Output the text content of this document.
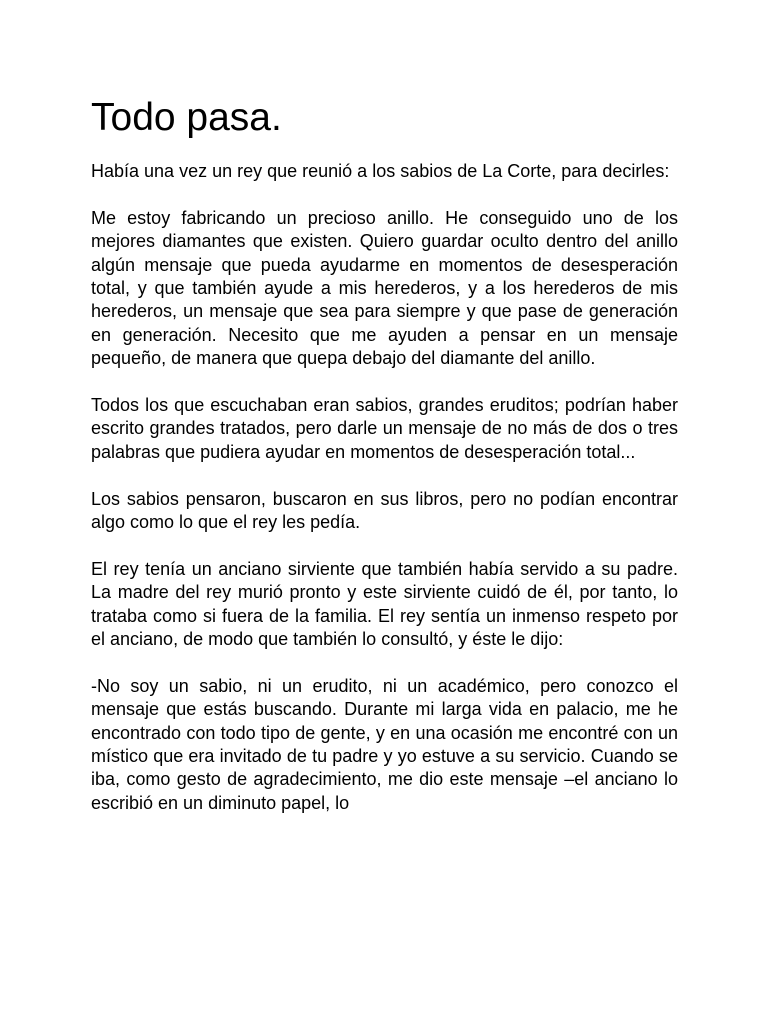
Todo pasa.

Había una vez un rey que reunió a los sabios de La Corte, para decirles:

Me estoy fabricando un precioso anillo. He conseguido uno de los mejores diamantes que existen. Quiero guardar oculto dentro del anillo algún mensaje que pueda ayudarme en momentos de desesperación total, y que también ayude a mis herederos, y a los herederos de mis herederos, un mensaje que sea para siempre y que pase de generación en generación. Necesito que me ayuden a pensar en un mensaje pequeño, de manera que quepa debajo del diamante del anillo.

Todos los que escuchaban eran sabios, grandes eruditos; podrían haber escrito grandes tratados, pero darle un mensaje de no más de dos o tres palabras que pudiera ayudar en momentos de desesperación total...

Los sabios pensaron, buscaron en sus libros, pero no podían encontrar algo como lo que el rey les pedía.

El rey tenía un anciano sirviente que también había servido a su padre. La madre del rey murió pronto y este sirviente cuidó de él, por tanto, lo trataba como si fuera de la familia. El rey sentía un inmenso respeto por el anciano, de modo que también lo consultó, y éste le dijo:

-No soy un sabio, ni un erudito, ni un académico, pero conozco el mensaje que estás buscando. Durante mi larga vida en palacio, me he encontrado con todo tipo de gente, y en una ocasión me encontré con un místico que era invitado de tu padre y yo estuve a su servicio. Cuando se iba, como gesto de agradecimiento, me dio este mensaje –el anciano lo escribió en un diminuto papel, lo
